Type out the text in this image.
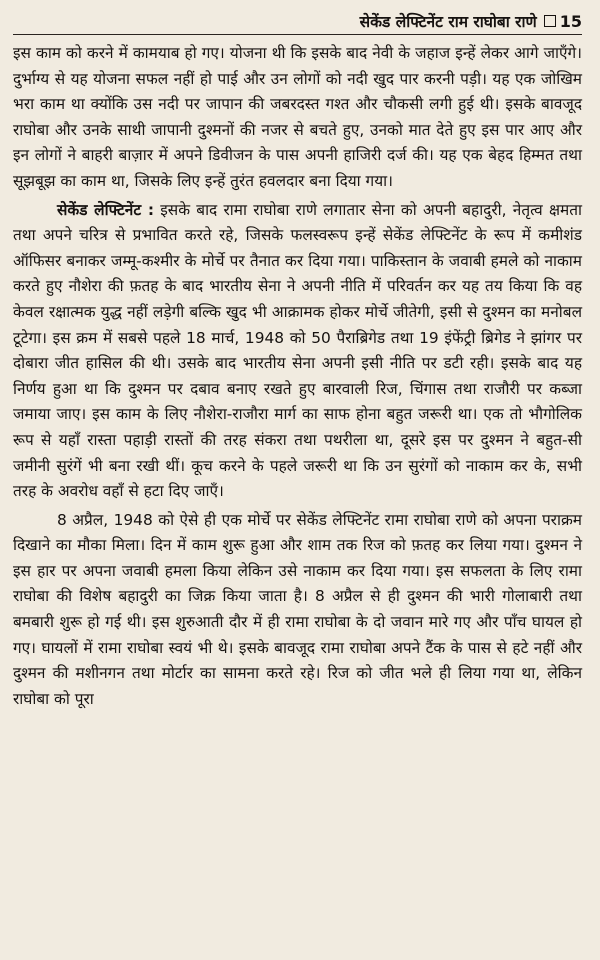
सेकेंड लेफ्टिनेंट राम राघोबा राणे 15

इस काम को करने में कामयाब हो गए। योजना थी कि इसके बाद नेवी के जहाज इन्हें लेकर आगे जाएँगे। दुर्भाग्य से यह योजना सफल नहीं हो पाई और उन लोगों को नदी खुद पार करनी पड़ी। यह एक जोखिम भरा काम था क्योंकि उस नदी पर जापान की जबरदस्त गश्त और चौकसी लगी हुई थी। इसके बावजूद राघोबा और उनके साथी जापानी दुश्मनों की नजर से बचते हुए, उनको मात देते हुए इस पार आए और इन लोगों ने बाहरी बाज़ार में अपने डिवीजन के पास अपनी हाजिरी दर्ज की। यह एक बेहद हिम्मत तथा सूझबूझ का काम था, जिसके लिए इन्हें तुरंत हवलदार बना दिया गया।

सेकेंड लेफ्टिनेंट : इसके बाद रामा राघोबा राणे लगातार सेना को अपनी बहादुरी, नेतृत्व क्षमता तथा अपने चरित्र से प्रभावित करते रहे, जिसके फलस्वरूप इन्हें सेकेंड लेफ्टिनेंट के रूप में कमीशंड ऑफिसर बनाकर जम्मू-कश्मीर के मोर्चे पर तैनात कर दिया गया। पाकिस्तान के जवाबी हमले को नाकाम करते हुए नौशेरा की फ़तह के बाद भारतीय सेना ने अपनी नीति में परिवर्तन कर यह तय किया कि वह केवल रक्षात्मक युद्ध नहीं लड़ेगी बल्कि खुद भी आक्रामक होकर मोर्चे जीतेगी, इसी से दुश्मन का मनोबल टूटेगा। इस क्रम में सबसे पहले 18 मार्च, 1948 को 50 पैराब्रिगेड तथा 19 इंफेंट्री ब्रिगेड ने झांगर पर दोबारा जीत हासिल की थी। उसके बाद भारतीय सेना अपनी इसी नीति पर डटी रही। इसके बाद यह निर्णय हुआ था कि दुश्मन पर दबाव बनाए रखते हुए बारवाली रिज, चिंगास तथा राजौरी पर कब्जा जमाया जाए। इस काम के लिए नौशेरा-राजौरा मार्ग का साफ होना बहुत जरूरी था। एक तो भौगोलिक रूप से यहाँ रास्ता पहाड़ी रास्तों की तरह संकरा तथा पथरीला था, दूसरे इस पर दुश्मन ने बहुत-सी जमीनी सुरंगें भी बना रखी थीं। कूच करने के पहले जरूरी था कि उन सुरंगों को नाकाम कर के, सभी तरह के अवरोध वहाँ से हटा दिए जाएँ।

8 अप्रैल, 1948 को ऐसे ही एक मोर्चे पर सेकेंड लेफ्टिनेंट रामा राघोबा राणे को अपना पराक्रम दिखाने का मौका मिला। दिन में काम शुरू हुआ और शाम तक रिज को फ़तह कर लिया गया। दुश्मन ने इस हार पर अपना जवाबी हमला किया लेकिन उसे नाकाम कर दिया गया। इस सफलता के लिए रामा राघोबा की विशेष बहादुरी का जिक्र किया जाता है। 8 अप्रैल से ही दुश्मन की भारी गोलाबारी तथा बमबारी शुरू हो गई थी। इस शुरुआती दौर में ही रामा राघोबा के दो जवान मारे गए और पाँच घायल हो गए। घायलों में रामा राघोबा स्वयं भी थे। इसके बावजूद रामा राघोबा अपने टैंक के पास से हटे नहीं और दुश्मन की मशीनगन तथा मोर्टार का सामना करते रहे। रिज को जीत भले ही लिया गया था, लेकिन राघोबा को पूरा
